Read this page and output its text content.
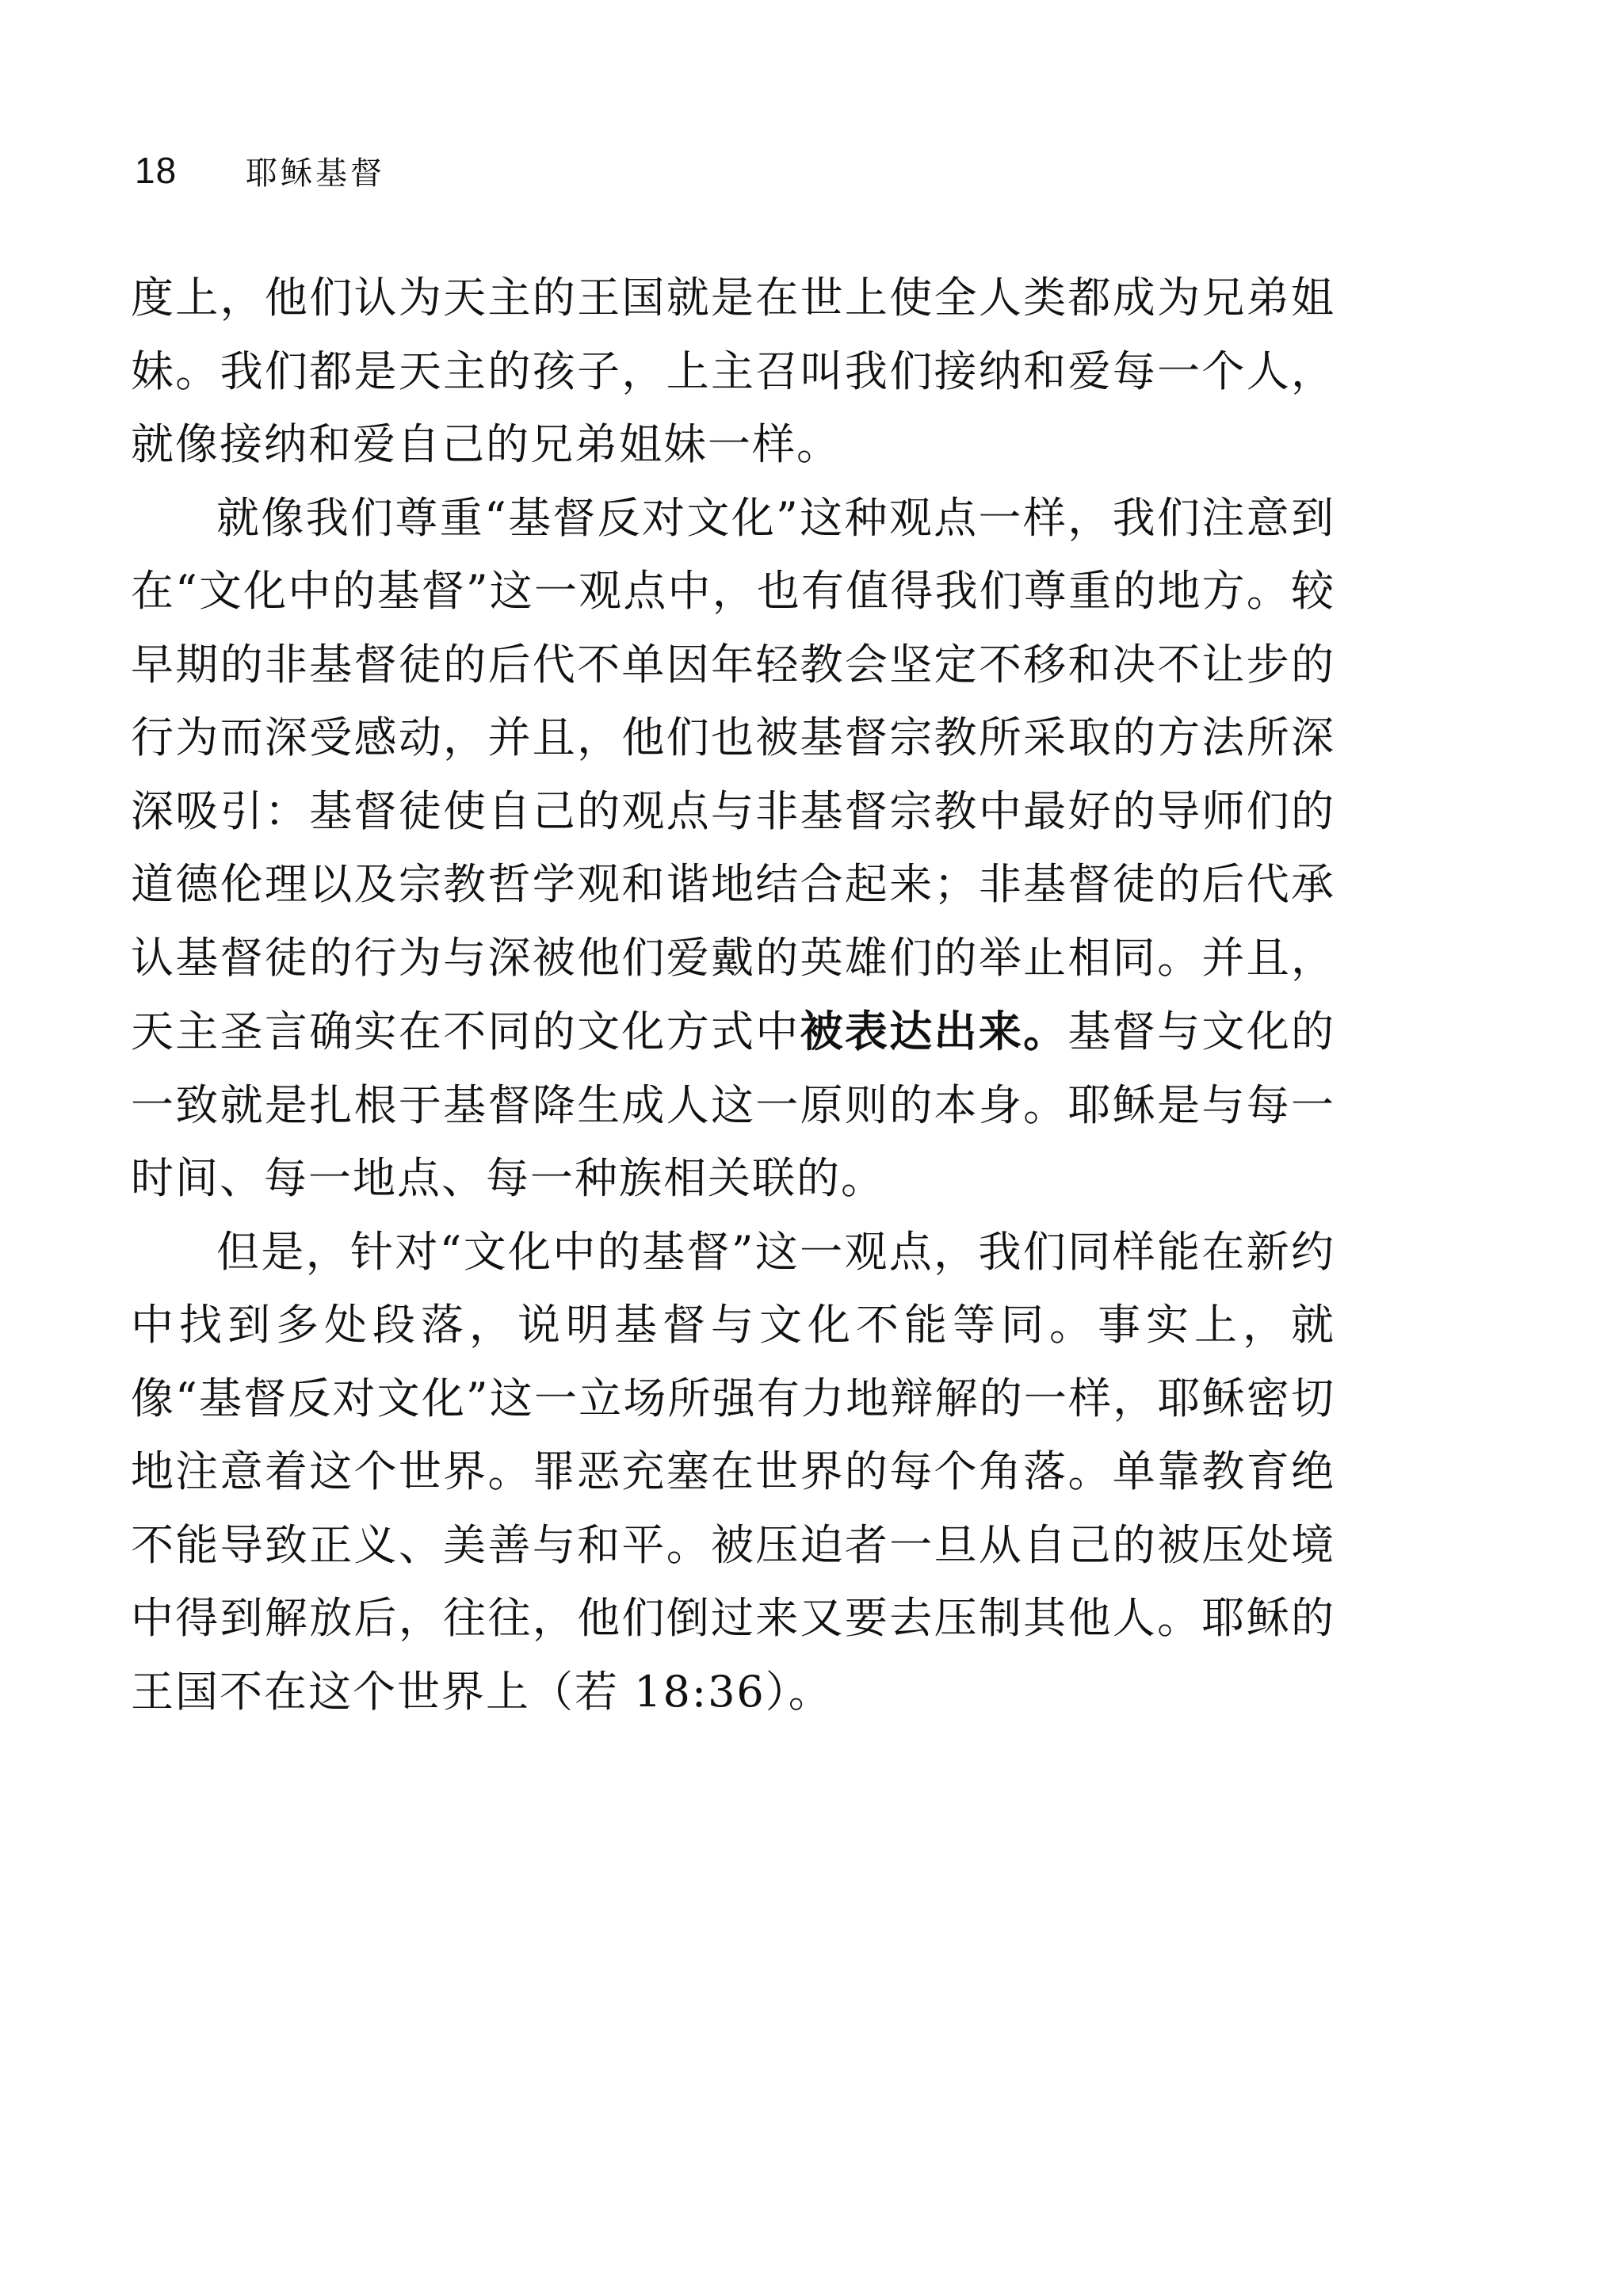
18	耶稣基督

度上，他们认为天主的王国就是在世上使全人类都成为兄弟姐妹。我们都是天主的孩子，上主召叫我们接纳和爱每一个人，就像接纳和爱自己的兄弟姐妹一样。

就像我们尊重“基督反对文化”这种观点一样，我们注意到在“文化中的基督”这一观点中，也有值得我们尊重的地方。较早期的非基督徒的后代不单因年轻教会坚定不移和决不让步的行为而深受感动，并且，他们也被基督宗教所采取的方法所深深吸引：基督徒使自己的观点与非基督宗教中最好的导师们的道德伦理以及宗教哲学观和谐地结合起来；非基督徒的后代承认基督徒的行为与深被他们爱戴的英雄们的举止相同。并且，天主圣言确实在不同的文化方式中被表达出来。基督与文化的一致就是扎根于基督降生成人这一原则的本身。耶稣是与每一时间、每一地点、每一种族相关联的。

但是，针对“文化中的基督”这一观点，我们同样能在新约中找到多处段落，说明基督与文化不能等同。事实上，就像“基督反对文化”这一立场所强有力地辩解的一样，耶稣密切地注意着这个世界。罪恶充塞在世界的每个角落。单靠教育绝不能导致正义、美善与和平。被压迫者一旦从自己的被压处境中得到解放后，往往，他们倒过来又要去压制其他人。耶稣的王国不在这个世界上（若 18:36）。
